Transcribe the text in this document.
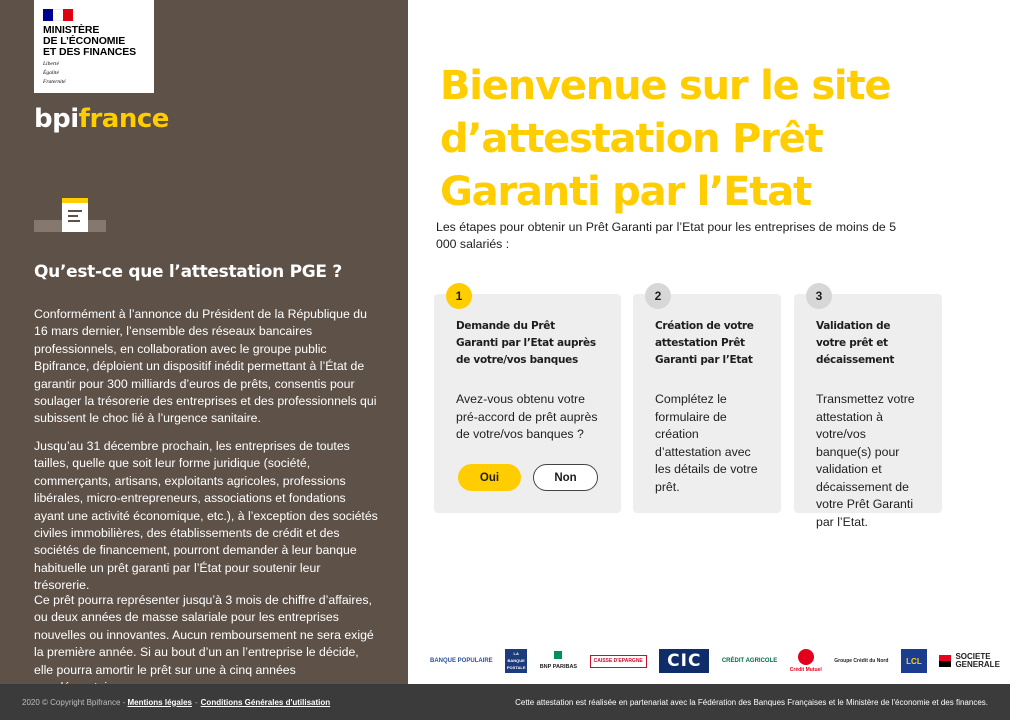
MINISTÈRE
DE L’ÉCONOMIE
ET DES FINANCES
Liberté
Égalité
Fraternité
bpifrance
Qu’est-ce que l’attestation PGE ?

Conformément à l’annonce du Président de la République du 16 mars dernier, l’ensemble des réseaux bancaires professionnels, en collaboration avec le groupe public Bpifrance, déploient un dispositif inédit permettant à l’État de garantir pour 300 milliards d’euros de prêts, consentis pour soulager la trésorerie des entreprises et des professionnels qui subissent le choc lié à l’urgence sanitaire.

Jusqu’au 31 décembre prochain, les entreprises de toutes tailles, quelle que soit leur forme juridique (société, commerçants, artisans, exploitants agricoles, professions libérales, micro-entrepreneurs, associations et fondations ayant une activité économique, etc.), à l’exception des sociétés civiles immobilières, des établissements de crédit et des sociétés de financement, pourront demander à leur banque habituelle un prêt garanti par l’État pour soutenir leur trésorerie.

Ce prêt pourra représenter jusqu’à 3 mois de chiffre d’affaires, ou deux années de masse salariale pour les entreprises nouvelles ou innovantes. Aucun remboursement ne sera exigé la première année. Si au bout d’un an l’entreprise le décide, elle pourra amortir le prêt sur une à cinq années

Bienvenue sur le site d’attestation Prêt Garanti par l’Etat

Les étapes pour obtenir un Prêt Garanti par l’Etat pour les entreprises de moins de 5 000 salariés :

1
Demande du Prêt Garanti par l’Etat auprès de votre/vos banques

Avez-vous obtenu votre pré-accord de prêt auprès de votre/vos banques ?

Oui	Non
2
Création de votre attestation Prêt Garanti par l’Etat

Complétez le formulaire de création d’attestation avec les détails de votre prêt.

3
Validation de votre prêt et décaissement

Transmettez votre attestation à votre/vos banque(s) pour validation et décaissement de votre Prêt Garanti par l’Etat.

BANQUE POPULAIRE
LA BANQUE POSTALE	BNP PARIBAS
CAISSE D'EPARGNE	CIC	CRÉDIT AGRICOLE
Crédit Mutuel
Groupe Crédit du Nord	LCL	SOCIETE
GENERALE
2020 © Copyright Bpifrance - Mentions légales - Conditions Générales d'utilisation	Cette attestation est réalisée en partenariat avec la Fédération des Banques Françaises et le Ministère de l'économie et des finances.
